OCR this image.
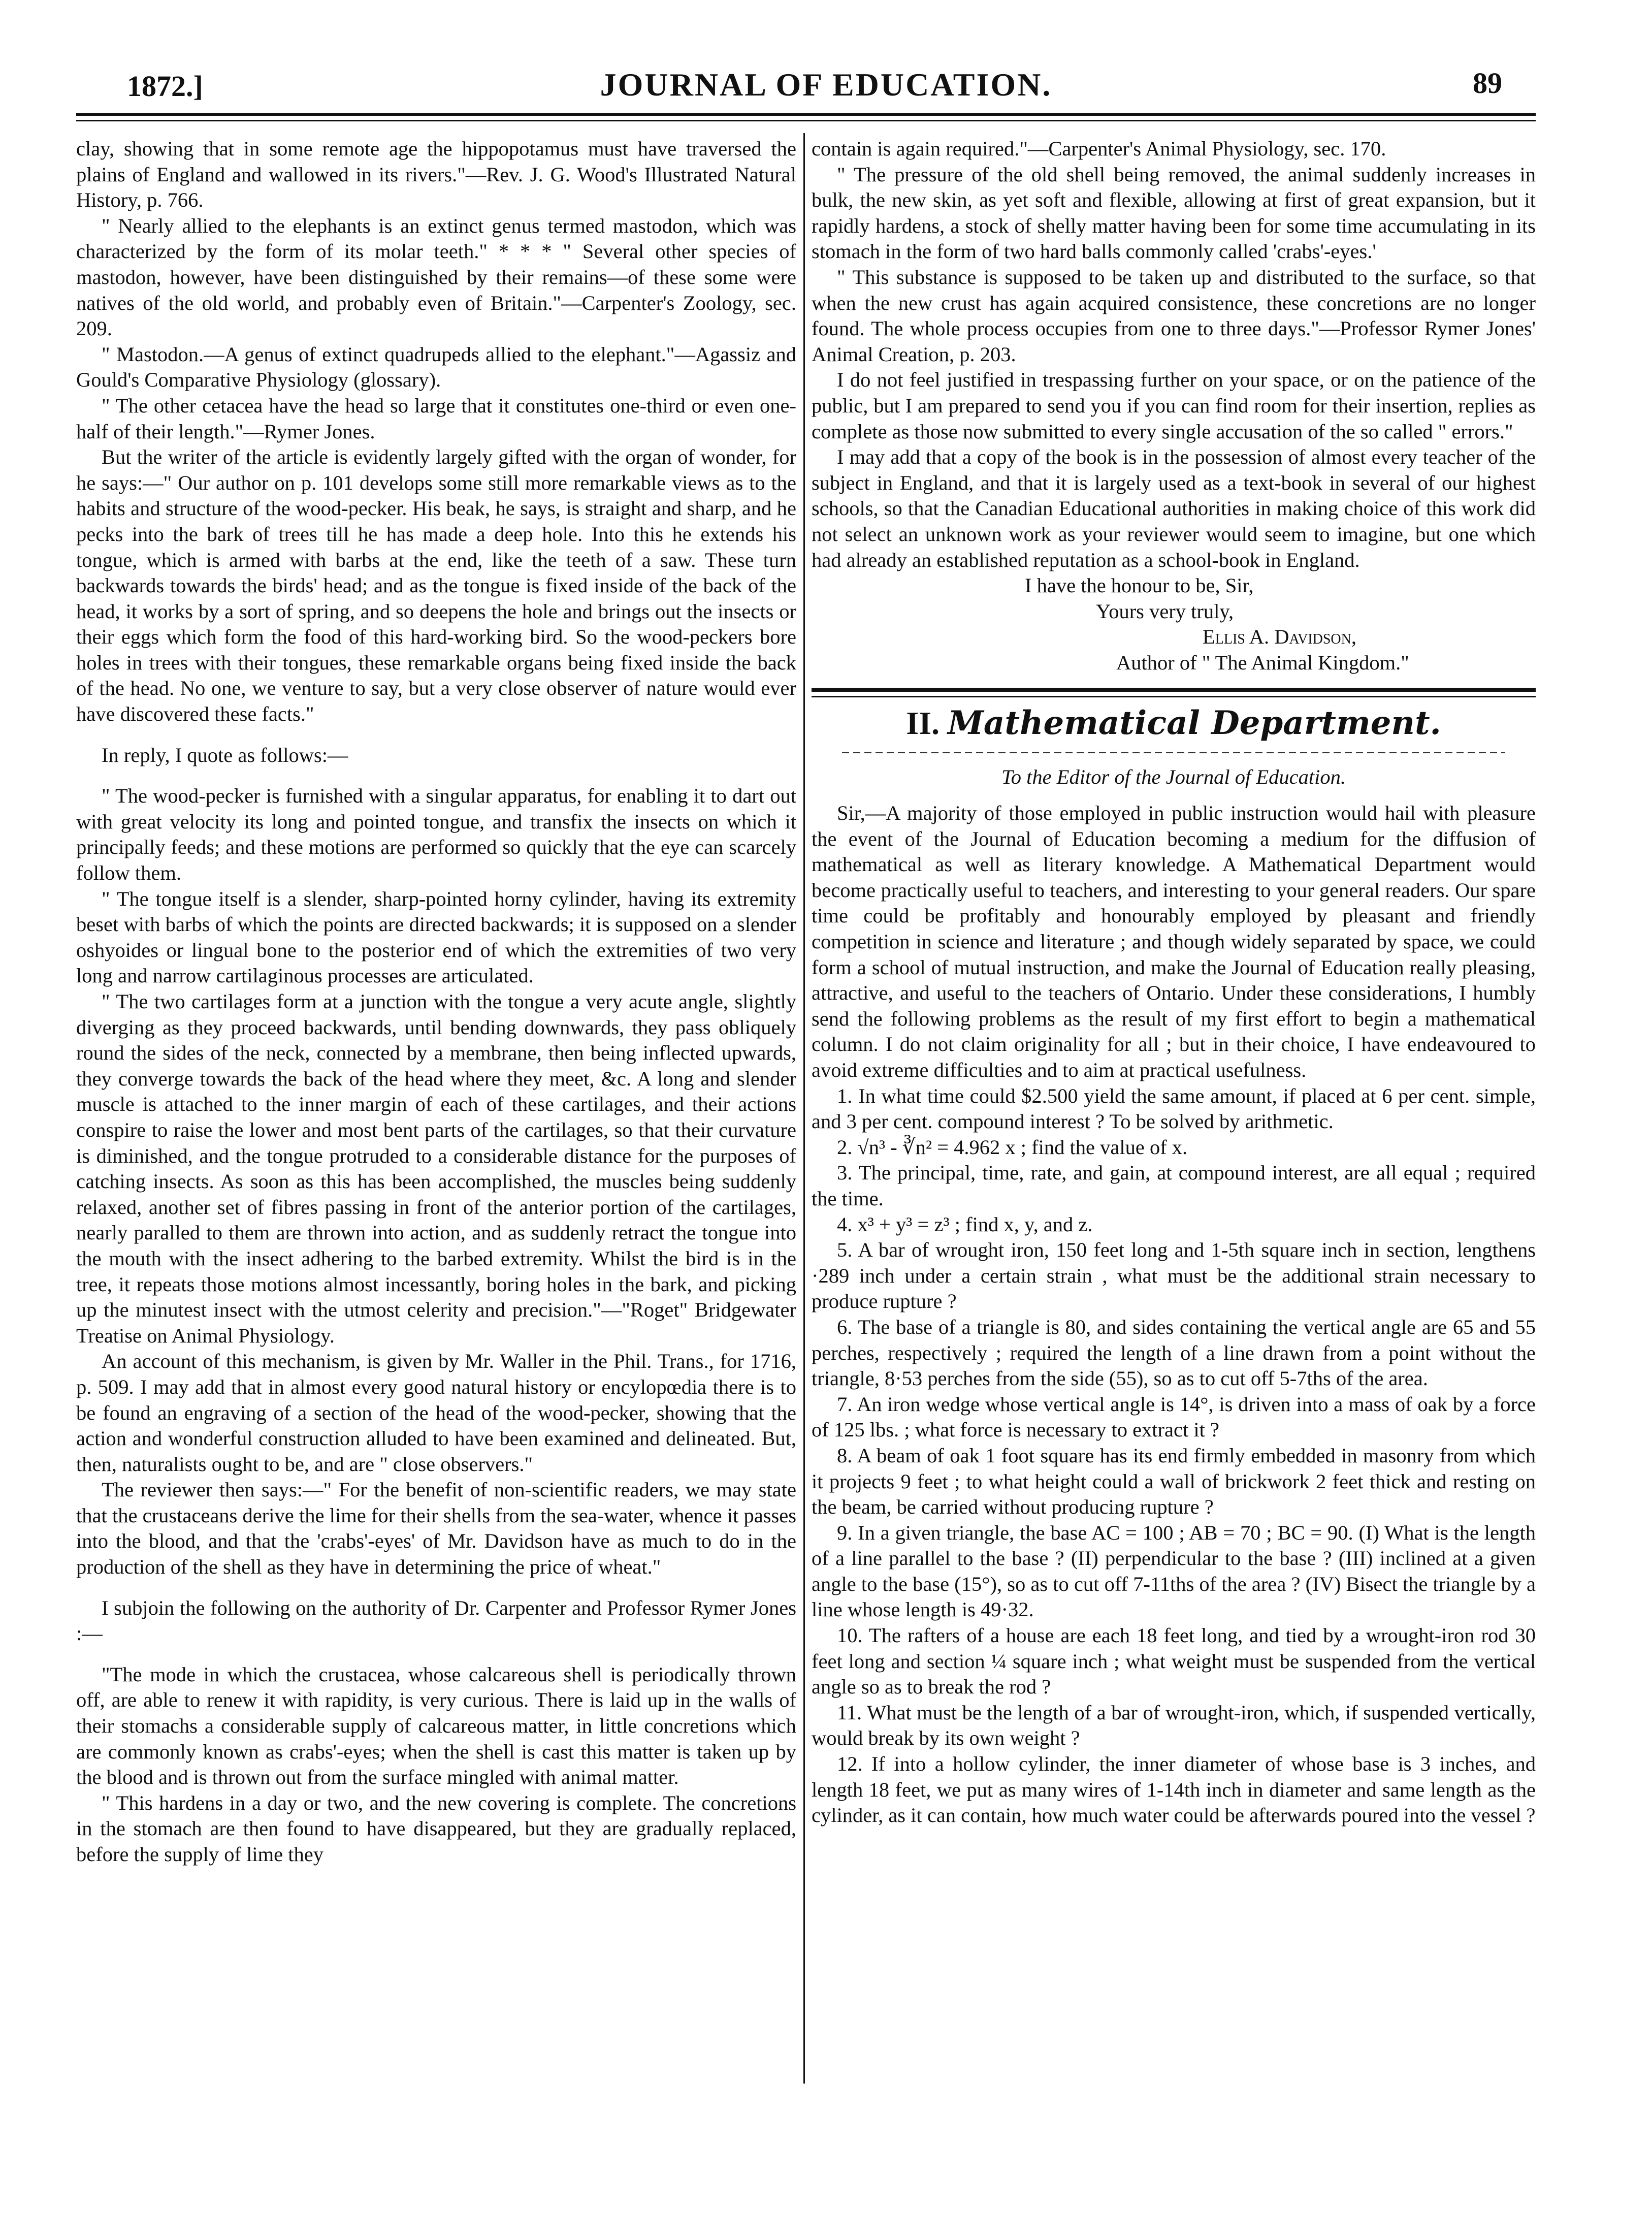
1872.]	JOURNAL OF EDUCATION.	89

clay, showing that in some remote age the hippopotamus must have traversed the plains of England and wallowed in its rivers."—Rev. J. G. Wood's Illustrated Natural History, p. 766.

" Nearly allied to the elephants is an extinct genus termed mastodon, which was characterized by the form of its molar teeth." * * * " Several other species of mastodon, however, have been distinguished by their remains—of these some were natives of the old world, and probably even of Britain."—Carpenter's Zoology, sec. 209.

" Mastodon.—A genus of extinct quadrupeds allied to the elephant."—Agassiz and Gould's Comparative Physiology (glossary).

" The other cetacea have the head so large that it constitutes one-third or even one-half of their length."—Rymer Jones.

But the writer of the article is evidently largely gifted with the organ of wonder, for he says:—" Our author on p. 101 develops some still more remarkable views as to the habits and structure of the wood-pecker. His beak, he says, is straight and sharp, and he pecks into the bark of trees till he has made a deep hole. Into this he extends his tongue, which is armed with barbs at the end, like the teeth of a saw. These turn backwards towards the birds' head; and as the tongue is fixed inside of the back of the head, it works by a sort of spring, and so deepens the hole and brings out the insects or their eggs which form the food of this hard-working bird. So the wood-peckers bore holes in trees with their tongues, these remarkable organs being fixed inside the back of the head. No one, we venture to say, but a very close observer of nature would ever have discovered these facts."

In reply, I quote as follows:—

" The wood-pecker is furnished with a singular apparatus, for enabling it to dart out with great velocity its long and pointed tongue, and transfix the insects on which it principally feeds; and these motions are performed so quickly that the eye can scarcely follow them.

" The tongue itself is a slender, sharp-pointed horny cylinder, having its extremity beset with barbs of which the points are directed backwards; it is supposed on a slender oshyoides or lingual bone to the posterior end of which the extremities of two very long and narrow cartilaginous processes are articulated.

" The two cartilages form at a junction with the tongue a very acute angle, slightly diverging as they proceed backwards, until bending downwards, they pass obliquely round the sides of the neck, connected by a membrane, then being inflected upwards, they converge towards the back of the head where they meet, &c. A long and slender muscle is attached to the inner margin of each of these cartilages, and their actions conspire to raise the lower and most bent parts of the cartilages, so that their curvature is diminished, and the tongue protruded to a considerable distance for the purposes of catching insects. As soon as this has been accomplished, the muscles being suddenly relaxed, another set of fibres passing in front of the anterior portion of the cartilages, nearly paralled to them are thrown into action, and as suddenly retract the tongue into the mouth with the insect adhering to the barbed extremity. Whilst the bird is in the tree, it repeats those motions almost incessantly, boring holes in the bark, and picking up the minutest insect with the utmost celerity and precision."—"Roget" Bridgewater Treatise on Animal Physiology.

An account of this mechanism, is given by Mr. Waller in the Phil. Trans., for 1716, p. 509. I may add that in almost every good natural history or encylopœdia there is to be found an engraving of a section of the head of the wood-pecker, showing that the action and wonderful construction alluded to have been examined and delineated. But, then, naturalists ought to be, and are " close observers."

The reviewer then says:—" For the benefit of non-scientific readers, we may state that the crustaceans derive the lime for their shells from the sea-water, whence it passes into the blood, and that the 'crabs'-eyes' of Mr. Davidson have as much to do in the production of the shell as they have in determining the price of wheat."

I subjoin the following on the authority of Dr. Carpenter and Professor Rymer Jones :—

"The mode in which the crustacea, whose calcareous shell is periodically thrown off, are able to renew it with rapidity, is very curious. There is laid up in the walls of their stomachs a considerable supply of calcareous matter, in little concretions which are commonly known as crabs'-eyes; when the shell is cast this matter is taken up by the blood and is thrown out from the surface mingled with animal matter.

" This hardens in a day or two, and the new covering is complete. The concretions in the stomach are then found to have disappeared, but they are gradually replaced, before the supply of lime they

contain is again required."—Carpenter's Animal Physiology, sec. 170.

" The pressure of the old shell being removed, the animal suddenly increases in bulk, the new skin, as yet soft and flexible, allowing at first of great expansion, but it rapidly hardens, a stock of shelly matter having been for some time accumulating in its stomach in the form of two hard balls commonly called 'crabs'-eyes.'

" This substance is supposed to be taken up and distributed to the surface, so that when the new crust has again acquired consistence, these concretions are no longer found. The whole process occupies from one to three days."—Professor Rymer Jones' Animal Creation, p. 203.

I do not feel justified in trespassing further on your space, or on the patience of the public, but I am prepared to send you if you can find room for their insertion, replies as complete as those now submitted to every single accusation of the so called " errors."

I may add that a copy of the book is in the possession of almost every teacher of the subject in England, and that it is largely used as a text-book in several of our highest schools, so that the Canadian Educational authorities in making choice of this work did not select an unknown work as your reviewer would seem to imagine, but one which had already an established reputation as a school-book in England.

I have the honour to be, Sir,

Yours very truly,

Ellis A. Davidson,

Author of " The Animal Kingdom."

II. Mathematical Department.

To the Editor of the Journal of Education.

Sir,—A majority of those employed in public instruction would hail with pleasure the event of the Journal of Education becoming a medium for the diffusion of mathematical as well as literary knowledge. A Mathematical Department would become practically useful to teachers, and interesting to your general readers. Our spare time could be profitably and honourably employed by pleasant and friendly competition in science and literature ; and though widely separated by space, we could form a school of mutual instruction, and make the Journal of Education really pleasing, attractive, and useful to the teachers of Ontario. Under these considerations, I humbly send the following problems as the result of my first effort to begin a mathematical column. I do not claim originality for all ; but in their choice, I have endeavoured to avoid extreme difficulties and to aim at practical usefulness.

1. In what time could $2.500 yield the same amount, if placed at 6 per cent. simple, and 3 per cent. compound interest ? To be solved by arithmetic.

2. √n³ - ∛n² = 4.962 x ; find the value of x.

3. The principal, time, rate, and gain, at compound interest, are all equal ; required the time.

4. x³ + y³ = z³ ; find x, y, and z.

5. A bar of wrought iron, 150 feet long and 1-5th square inch in section, lengthens ·289 inch under a certain strain , what must be the additional strain necessary to produce rupture ?

6. The base of a triangle is 80, and sides containing the vertical angle are 65 and 55 perches, respectively ; required the length of a line drawn from a point without the triangle, 8·53 perches from the side (55), so as to cut off 5-7ths of the area.

7. An iron wedge whose vertical angle is 14°, is driven into a mass of oak by a force of 125 lbs. ; what force is necessary to extract it ?

8. A beam of oak 1 foot square has its end firmly embedded in masonry from which it projects 9 feet ; to what height could a wall of brickwork 2 feet thick and resting on the beam, be carried without producing rupture ?

9. In a given triangle, the base AC = 100 ; AB = 70 ; BC = 90. (I) What is the length of a line parallel to the base ? (II) perpendicular to the base ? (III) inclined at a given angle to the base (15°), so as to cut off 7-11ths of the area ? (IV) Bisect the triangle by a line whose length is 49·32.

10. The rafters of a house are each 18 feet long, and tied by a wrought-iron rod 30 feet long and section ¼ square inch ; what weight must be suspended from the vertical angle so as to break the rod ?

11. What must be the length of a bar of wrought-iron, which, if suspended vertically, would break by its own weight ?

12. If into a hollow cylinder, the inner diameter of whose base is 3 inches, and length 18 feet, we put as many wires of 1-14th inch in diameter and same length as the cylinder, as it can contain, how much water could be afterwards poured into the vessel ?
